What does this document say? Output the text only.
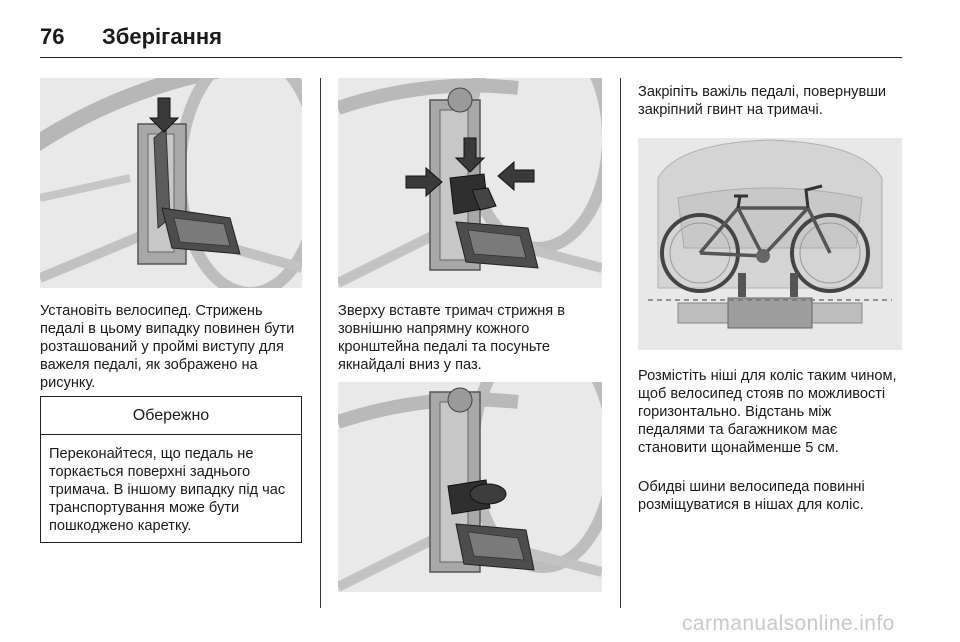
76 Зберігання

Установіть велосипед. Стрижень педалі в цьому випадку повинен бути розташований у проймі виступу для важеля педалі, як зображено на рисунку.

Обережно

Переконайтеся, що педаль не торкається поверхні заднього тримача. В іншому випадку під час транспортування може бути пошкоджено каретку.

Зверху вставте тримач стрижня в зовнішню напрямну кожного кронштейна педалі та посуньте якнайдалі вниз у паз.

Закріпіть важіль педалі, повернувши закріпний гвинт на тримачі.

Розмістіть ніші для коліс таким чином, щоб велосипед стояв по можливості горизонтально. Відстань між педалями та багажником має становити щонайменше 5 см.

Обидві шини велосипеда повинні розміщуватися в нішах для коліс.

carmanualsonline.info
